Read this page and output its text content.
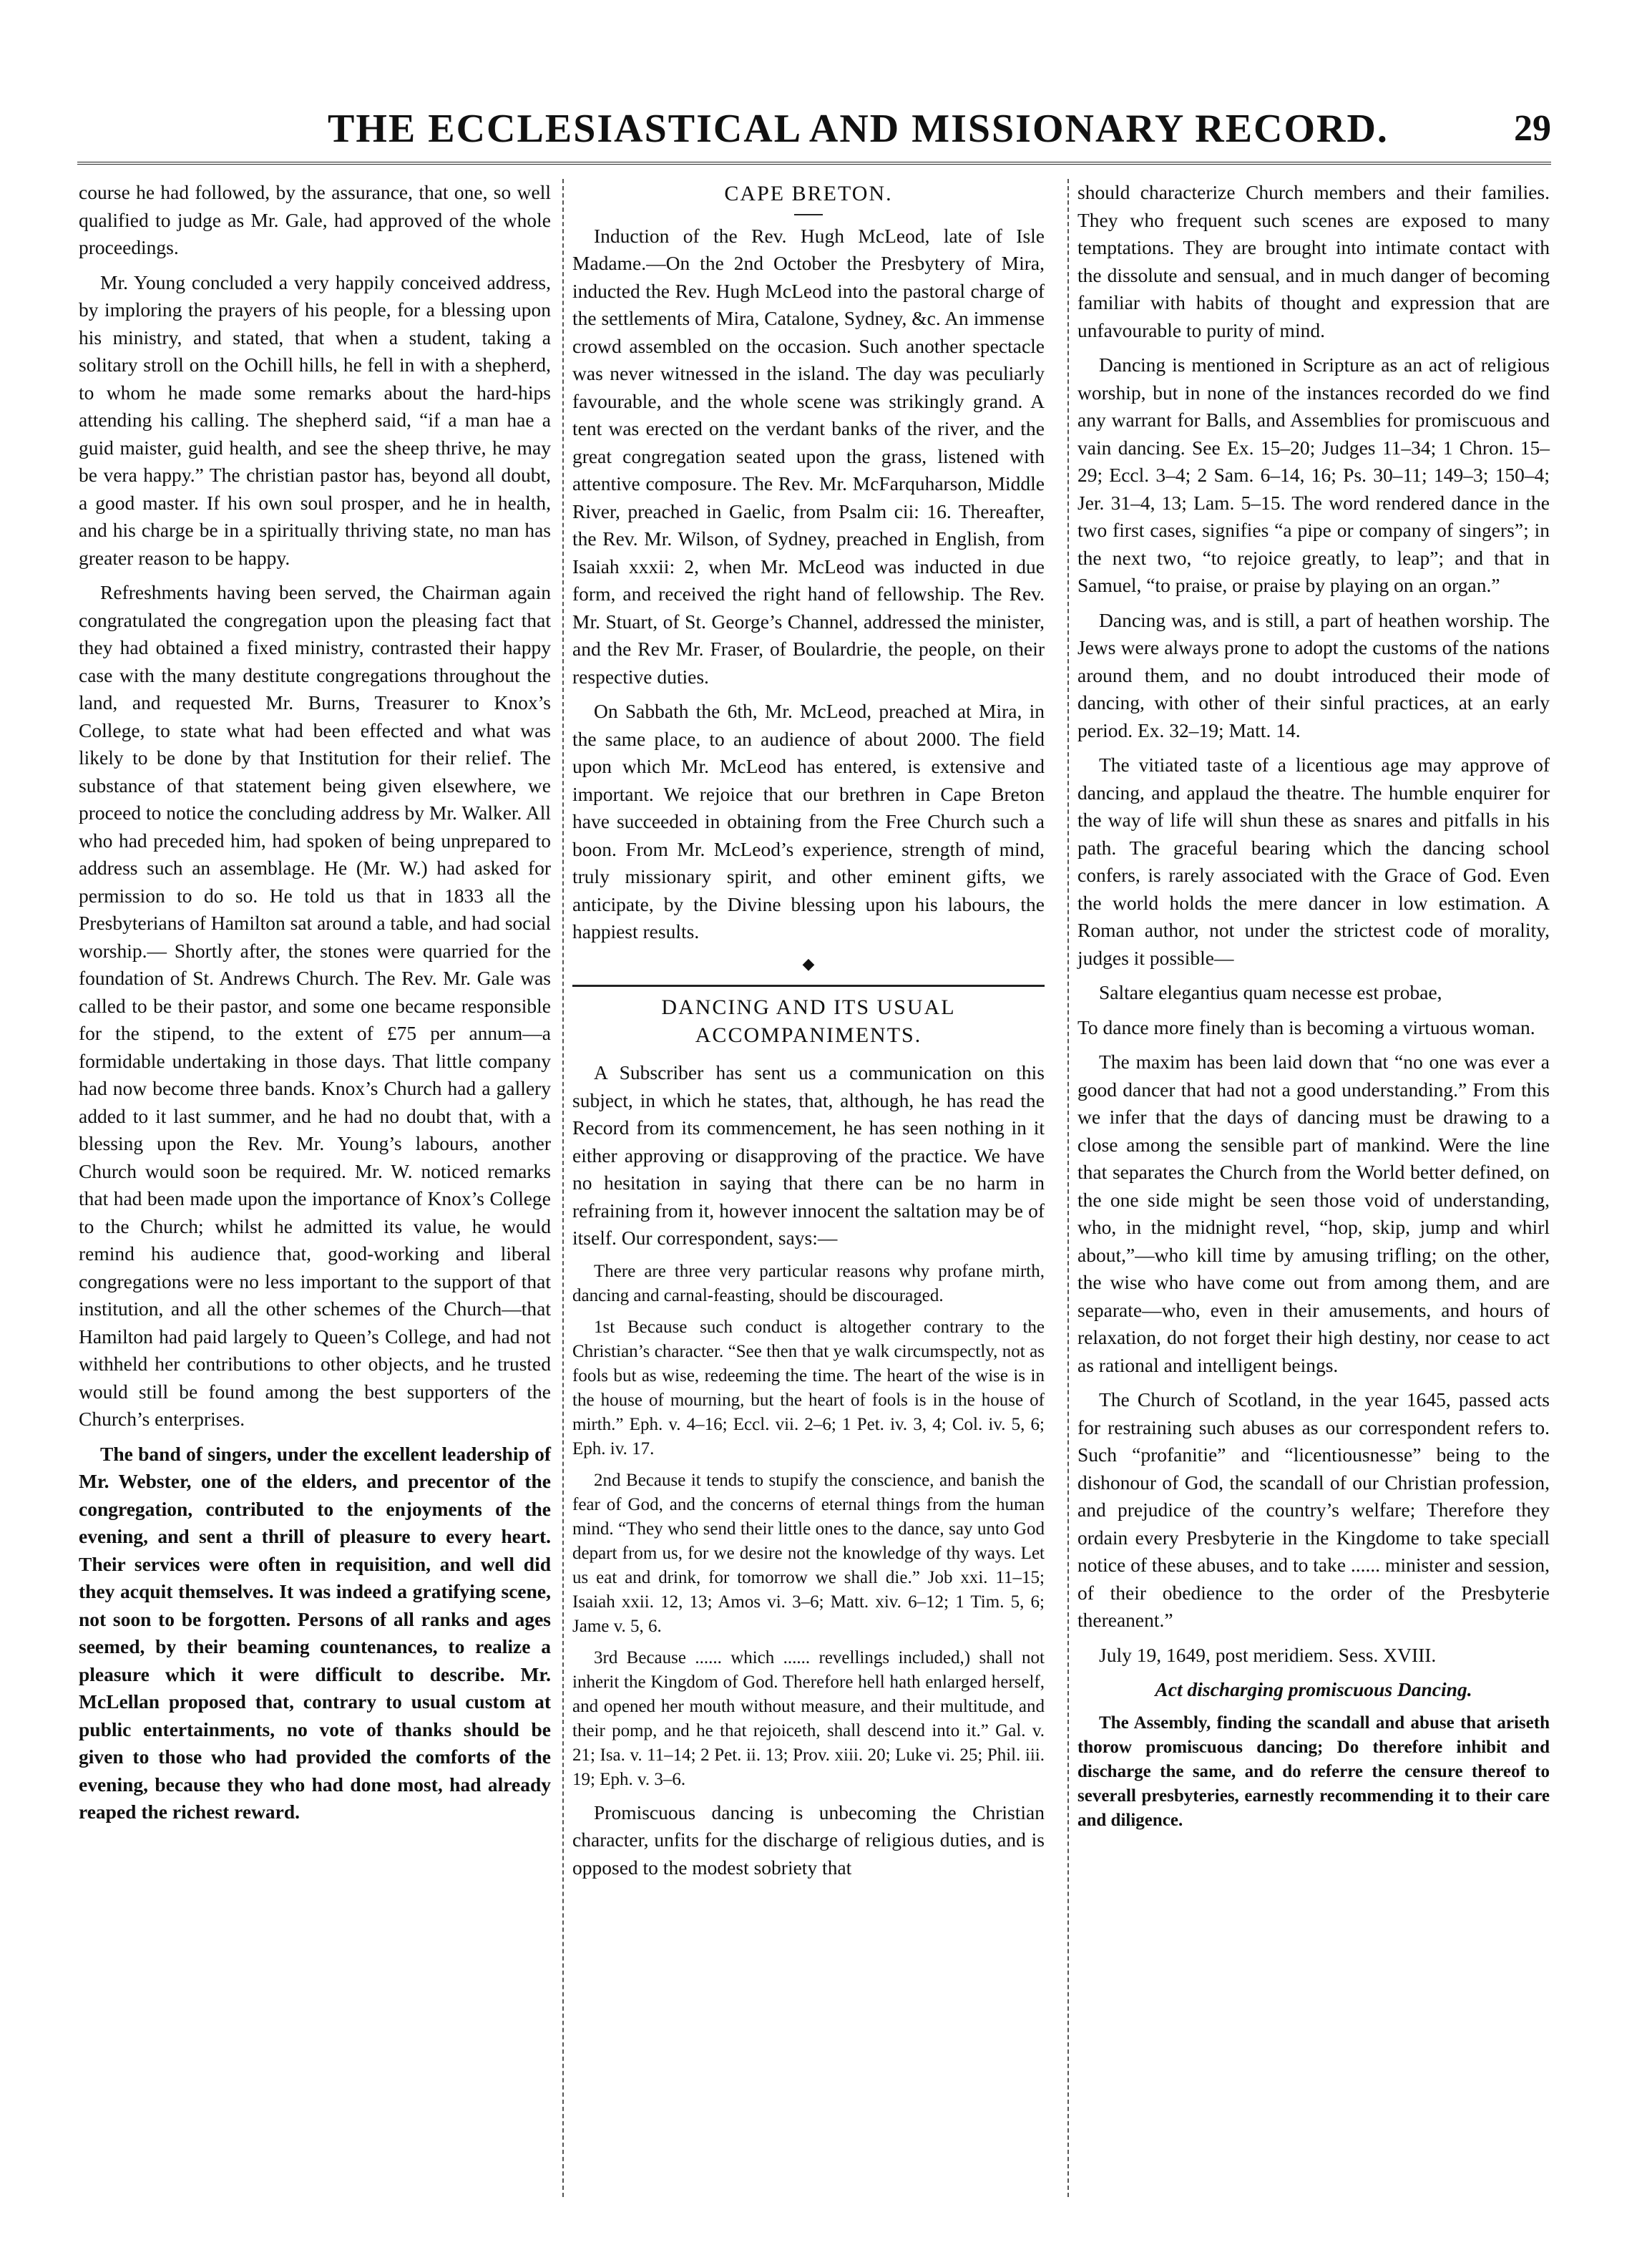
THE ECCLESIASTICAL AND MISSIONARY RECORD.	29

course he had followed, by the assurance, that one, so well qualified to judge as Mr. Gale, had approved of the whole proceedings.

Mr. Young concluded a very happily conceived address, by imploring the prayers of his people, for a blessing upon his ministry, and stated, that when a student, taking a solitary stroll on the Ochill hills, he fell in with a shepherd, to whom he made some remarks about the hard-hips attending his calling. The shepherd said, “if a man hae a guid maister, guid health, and see the sheep thrive, he may be vera happy.” The christian pastor has, beyond all doubt, a good master. If his own soul prosper, and he in health, and his charge be in a spiritually thriving state, no man has greater reason to be happy.

Refreshments having been served, the Chairman again congratulated the congregation upon the pleasing fact that they had obtained a fixed ministry, contrasted their happy case with the many destitute congregations throughout the land, and requested Mr. Burns, Treasurer to Knox’s College, to state what had been effected and what was likely to be done by that Institution for their relief. The substance of that statement being given elsewhere, we proceed to notice the concluding address by Mr. Walker. All who had preceded him, had spoken of being unprepared to address such an assemblage. He (Mr. W.) had asked for permission to do so. He told us that in 1833 all the Presbyterians of Hamilton sat around a table, and had social worship.— Shortly after, the stones were quarried for the foundation of St. Andrews Church. The Rev. Mr. Gale was called to be their pastor, and some one became responsible for the stipend, to the extent of £75 per annum—a formidable undertaking in those days. That little company had now become three bands. Knox’s Church had a gallery added to it last summer, and he had no doubt that, with a blessing upon the Rev. Mr. Young’s labours, another Church would soon be required. Mr. W. noticed remarks that had been made upon the importance of Knox’s College to the Church; whilst he admitted its value, he would remind his audience that, good-working and liberal congregations were no less important to the support of that institution, and all the other schemes of the Church—that Hamilton had paid largely to Queen’s College, and had not withheld her contributions to other objects, and he trusted would still be found among the best supporters of the Church’s enterprises.

The band of singers, under the excellent leadership of Mr. Webster, one of the elders, and precentor of the congregation, contributed to the enjoyments of the evening, and sent a thrill of pleasure to every heart. Their services were often in requisition, and well did they acquit themselves. It was indeed a gratifying scene, not soon to be forgotten. Persons of all ranks and ages seemed, by their beaming countenances, to realize a pleasure which it were difficult to describe. Mr. McLellan proposed that, contrary to usual custom at public entertainments, no vote of thanks should be given to those who had provided the comforts of the evening, because they who had done most, had already reaped the richest reward.

CAPE BRETON.

Induction of the Rev. Hugh McLeod, late of Isle Madame.—On the 2nd October the Presbytery of Mira, inducted the Rev. Hugh McLeod into the pastoral charge of the settlements of Mira, Catalone, Sydney, &c. An immense crowd assembled on the occasion. Such another spectacle was never witnessed in the island. The day was peculiarly favourable, and the whole scene was strikingly grand. A tent was erected on the verdant banks of the river, and the great congregation seated upon the grass, listened with attentive composure. The Rev. Mr. McFarquharson, Middle River, preached in Gaelic, from Psalm cii: 16. Thereafter, the Rev. Mr. Wilson, of Sydney, preached in English, from Isaiah xxxii: 2, when Mr. McLeod was inducted in due form, and received the right hand of fellowship. The Rev. Mr. Stuart, of St. George’s Channel, addressed the minister, and the Rev Mr. Fraser, of Boulardrie, the people, on their respective duties.

On Sabbath the 6th, Mr. McLeod, preached at Mira, in the same place, to an audience of about 2000. The field upon which Mr. McLeod has entered, is extensive and important. We rejoice that our brethren in Cape Breton have succeeded in obtaining from the Free Church such a boon. From Mr. McLeod’s experience, strength of mind, truly missionary spirit, and other eminent gifts, we anticipate, by the Divine blessing upon his labours, the happiest results.

◆
DANCING AND ITS USUAL ACCOMPANIMENTS.

A Subscriber has sent us a communication on this subject, in which he states, that, although, he has read the Record from its commencement, he has seen nothing in it either approving or disapproving of the practice. We have no hesitation in saying that there can be no harm in refraining from it, however innocent the saltation may be of itself. Our correspondent, says:—

There are three very particular reasons why profane mirth, dancing and carnal-feasting, should be discouraged.

1st Because such conduct is altogether contrary to the Christian’s character. “See then that ye walk circumspectly, not as fools but as wise, redeeming the time. The heart of the wise is in the house of mourning, but the heart of fools is in the house of mirth.” Eph. v. 4–16; Eccl. vii. 2–6; 1 Pet. iv. 3, 4; Col. iv. 5, 6; Eph. iv. 17.

2nd Because it tends to stupify the conscience, and banish the fear of God, and the concerns of eternal things from the human mind. “They who send their little ones to the dance, say unto God depart from us, for we desire not the knowledge of thy ways. Let us eat and drink, for tomorrow we shall die.” Job xxi. 11–15; Isaiah xxii. 12, 13; Amos vi. 3–6; Matt. xiv. 6–12; 1 Tim. 5, 6; Jame v. 5, 6.

3rd Because ...... which ...... revellings included,) shall not inherit the Kingdom of God. Therefore hell hath enlarged herself, and opened her mouth without measure, and their multitude, and their pomp, and he that rejoiceth, shall descend into it.” Gal. v. 21; Isa. v. 11–14; 2 Pet. ii. 13; Prov. xiii. 20; Luke vi. 25; Phil. iii. 19; Eph. v. 3–6.

Promiscuous dancing is unbecoming the Christian character, unfits for the discharge of religious duties, and is opposed to the modest sobriety that

should characterize Church members and their families. They who frequent such scenes are exposed to many temptations. They are brought into intimate contact with the dissolute and sensual, and in much danger of becoming familiar with habits of thought and expression that are unfavourable to purity of mind.

Dancing is mentioned in Scripture as an act of religious worship, but in none of the instances recorded do we find any warrant for Balls, and Assemblies for promiscuous and vain dancing. See Ex. 15–20; Judges 11–34; 1 Chron. 15–29; Eccl. 3–4; 2 Sam. 6–14, 16; Ps. 30–11; 149–3; 150–4; Jer. 31–4, 13; Lam. 5–15. The word rendered dance in the two first cases, signifies “a pipe or company of singers”; in the next two, “to rejoice greatly, to leap”; and that in Samuel, “to praise, or praise by playing on an organ.”

Dancing was, and is still, a part of heathen worship. The Jews were always prone to adopt the customs of the nations around them, and no doubt introduced their mode of dancing, with other of their sinful practices, at an early period. Ex. 32–19; Matt. 14.

The vitiated taste of a licentious age may approve of dancing, and applaud the theatre. The humble enquirer for the way of life will shun these as snares and pitfalls in his path. The graceful bearing which the dancing school confers, is rarely associated with the Grace of God. Even the world holds the mere dancer in low estimation. A Roman author, not under the strictest code of morality, judges it possible—

Saltare elegantius quam necesse est probae,

To dance more finely than is becoming a virtuous woman.

The maxim has been laid down that “no one was ever a good dancer that had not a good understanding.” From this we infer that the days of dancing must be drawing to a close among the sensible part of mankind. Were the line that separates the Church from the World better defined, on the one side might be seen those void of understanding, who, in the midnight revel, “hop, skip, jump and whirl about,”—who kill time by amusing trifling; on the other, the wise who have come out from among them, and are separate—who, even in their amusements, and hours of relaxation, do not forget their high destiny, nor cease to act as rational and intelligent beings.

The Church of Scotland, in the year 1645, passed acts for restraining such abuses as our correspondent refers to. Such “profanitie” and “licentiousnesse” being to the dishonour of God, the scandall of our Christian profession, and prejudice of the country’s welfare; Therefore they ordain every Presbyterie in the Kingdome to take speciall notice of these abuses, and to take ...... minister and session, of their obedience to the order of the Presbyterie thereanent.”

July 19, 1649, post meridiem. Sess. XVIII.

Act discharging promiscuous Dancing.

The Assembly, finding the scandall and abuse that ariseth thorow promiscuous dancing; Do therefore inhibit and discharge the same, and do referre the censure thereof to severall presbyteries, earnestly recommending it to their care and diligence.
